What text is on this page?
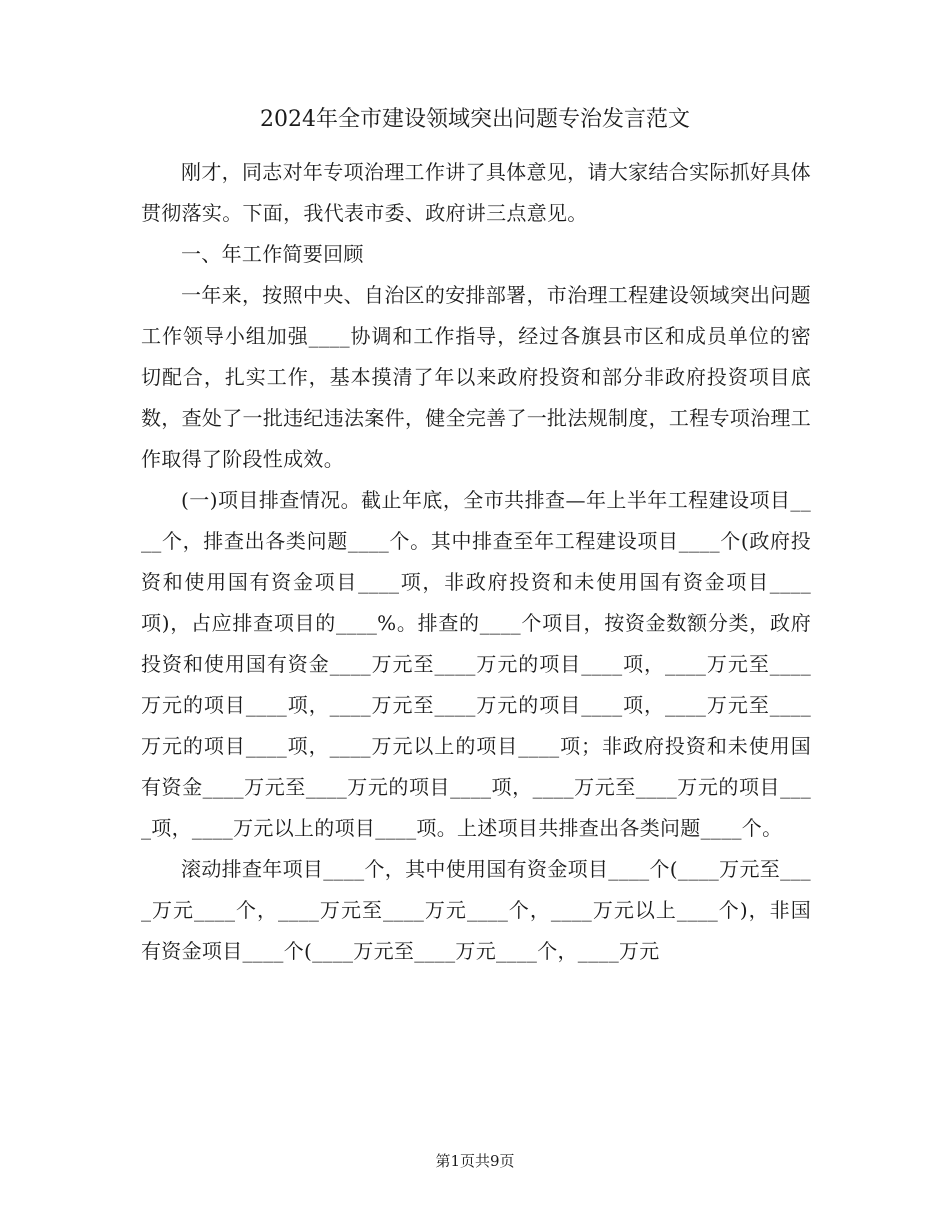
2024年全市建设领域突出问题专治发言范文

刚才，同志对年专项治理工作讲了具体意见，请大家结合实际抓好具体贯彻落实。下面，我代表市委、政府讲三点意见。

一、年工作简要回顾

一年来，按照中央、自治区的安排部署，市治理工程建设领域突出问题工作领导小组加强____协调和工作指导，经过各旗县市区和成员单位的密切配合，扎实工作，基本摸清了年以来政府投资和部分非政府投资项目底数，查处了一批违纪违法案件，健全完善了一批法规制度，工程专项治理工作取得了阶段性成效。

(一)项目排查情况。截止年底，全市共排查—年上半年工程建设项目____个，排查出各类问题____个。其中排查至年工程建设项目____个(政府投资和使用国有资金项目____项，非政府投资和未使用国有资金项目____项)，占应排查项目的____%。排查的____个项目，按资金数额分类，政府投资和使用国有资金____万元至____万元的项目____项，____万元至____万元的项目____项，____万元至____万元的项目____项，____万元至____万元的项目____项，____万元以上的项目____项；非政府投资和未使用国有资金____万元至____万元的项目____项，____万元至____万元的项目____项，____万元以上的项目____项。上述项目共排查出各类问题____个。

滚动排查年项目____个，其中使用国有资金项目____个(____万元至____万元____个，____万元至____万元____个，____万元以上____个)，非国有资金项目____个(____万元至____万元____个，____万元

第1页共9页
